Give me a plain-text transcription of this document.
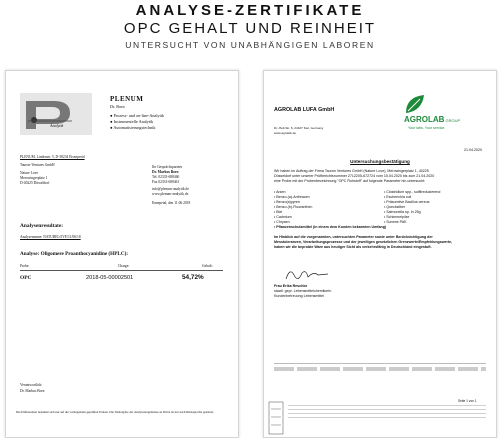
ANALYSE-ZERTIFIKATE
OPC GEHALT UND REINHEIT
UNTERSUCHT VON UNABHÄNGIGEN LABOREN
Analytik
PLENUM
Dr. Born
● Prozess- und on-line-Analytik
● Instrumentelle Analytik
● Automatisierungstechnik
PLENUM, Lindenstr. 5, D-38234 Eisenpreid
Tauron-Ventures GmbH
Nature Love
Merowingerplatz 1
D-40225 Düsseldorf
Ihr Gesprächspartner
Dr. Markus Born
Tel. 02333-688460
Fax 02333-688461
info@plenum-analytik.de
www.plenum-analytik.de
Ennepetal, den 11.06.2018
Analysenresultate:
Analysenname: NATURELOVE/11/06/18
Analyse: Oligomere Proanthocyanidine (HPLC):
Probe:	Charge:	Gehalt:
OPC	2018-05-00002501	54,72%
Verantwortlich:
Dr. Markus Born
Die Prüfresultate beziehen sich nur auf die vorliegenden geprüften Proben. Die Weitergabe der Analysenergebnisse an Dritte ist nur nach Rücksprache gestattet.
AGROLAB LUFA GmbH
Dr.-Hell-Str. 6, 24107 Kiel, Germany
www.agrolab.de
AGROLABGROUP
Your labs. Your service.
21.04.2020
Untersuchungsbestätigung
Wir haben im Auftrag der Firma Tauron Ventures GmbH (Nature Love), Merowingerplatz 1, 40225
Düsseldorf unter unserer Prüfberichtsnummer 2712205-672724 vom 15.04.2020 bis zum 21.04.2020
eine Probe mit der Probenbezeichnung "OPC Rohstoff" auf folgende Parameter hin untersucht:
• Arsen
• Benzo-(a)-Anthracen
• Benzo(a)pyren
• Benzo-(b)-Fluoranthen
• Blei
• Cadmium
• Chrysen
• Pflanzenschutzmittel (in einem dem Kunden bekannten Umfang)
• Clostridium spp., sulfitreduzierend
• Escherichia coli
• Präsumtive Bacillus cereus
• Quecksilber
• Salmonella sp. in 25g
• Schimmelpilze
• Summe PAK
Im Hinblick auf die vorgenannten, untersuchten Parameter sowie unter Berücksichtigung der
Messtoleranzen, Verarbeitungsprozesse und der jeweiligen gesetzlichen Grenzwerte/Empfehlungswerte,
haben wir die beprobte Ware aus heutiger Sicht als verkehrsfähig in Deutschland eingestuft.
Frau Erika Reschke
staatl. gepr. Lebensmittelchemikerin
Kundenbetreuung Lebensmittel
Seite 1 von 1
